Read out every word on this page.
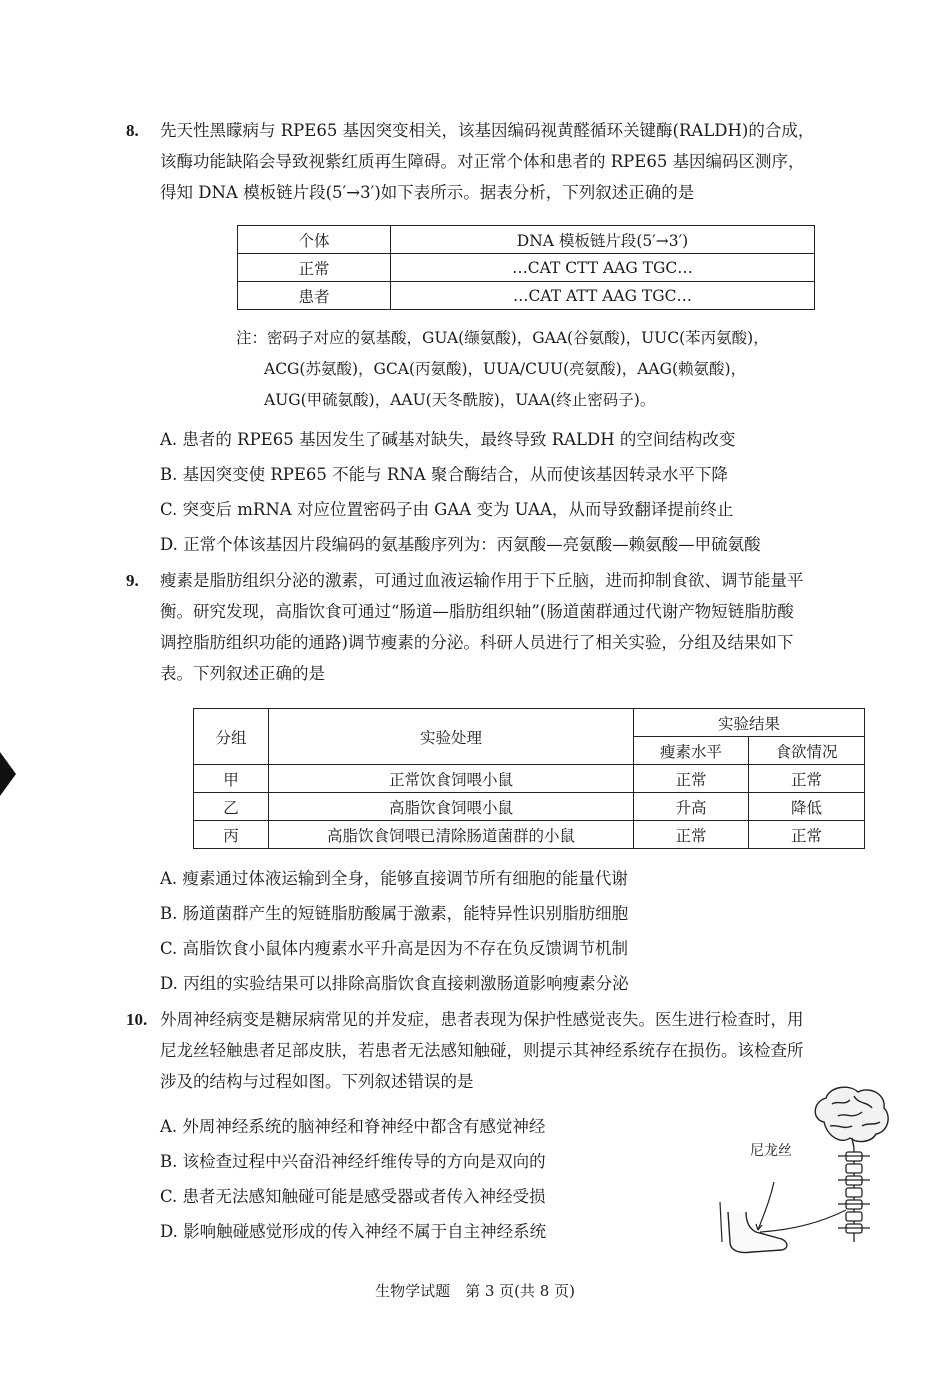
8. 先天性黑矇病与 RPE65 基因突变相关，该基因编码视黄醛循环关键酶(RALDH)的合成，
该酶功能缺陷会导致视紫红质再生障碍。对正常个体和患者的 RPE65 基因编码区测序，
得知 DNA 模板链片段(5′→3′)如下表所示。据表分析，下列叙述正确的是
个体	DNA 模板链片段(5′→3′)
正常	…CAT CTT AAG TGC…
患者	…CAT ATT AAG TGC…
注：密码子对应的氨基酸，GUA(缬氨酸)，GAA(谷氨酸)，UUC(苯丙氨酸)，
ACG(苏氨酸)，GCA(丙氨酸)，UUA/CUU(亮氨酸)，AAG(赖氨酸)，
AUG(甲硫氨酸)，AAU(天冬酰胺)，UAA(终止密码子)。
A. 患者的 RPE65 基因发生了碱基对缺失，最终导致 RALDH 的空间结构改变
B. 基因突变使 RPE65 不能与 RNA 聚合酶结合，从而使该基因转录水平下降
C. 突变后 mRNA 对应位置密码子由 GAA 变为 UAA，从而导致翻译提前终止
D. 正常个体该基因片段编码的氨基酸序列为：丙氨酸—亮氨酸—赖氨酸—甲硫氨酸
9. 瘦素是脂肪组织分泌的激素，可通过血液运输作用于下丘脑，进而抑制食欲、调节能量平
衡。研究发现，高脂饮食可通过“肠道—脂肪组织轴”(肠道菌群通过代谢产物短链脂肪酸
调控脂肪组织功能的通路)调节瘦素的分泌。科研人员进行了相关实验，分组及结果如下
表。下列叙述正确的是
分组	实验处理	实验结果	
		瘦素水平	食欲情况
甲	正常饮食饲喂小鼠	正常	正常
乙	高脂饮食饲喂小鼠	升高	降低
丙	高脂饮食饲喂已清除肠道菌群的小鼠	正常	正常
A. 瘦素通过体液运输到全身，能够直接调节所有细胞的能量代谢
B. 肠道菌群产生的短链脂肪酸属于激素，能特异性识别脂肪细胞
C. 高脂饮食小鼠体内瘦素水平升高是因为不存在负反馈调节机制
D. 丙组的实验结果可以排除高脂饮食直接刺激肠道影响瘦素分泌
10. 外周神经病变是糖尿病常见的并发症，患者表现为保护性感觉丧失。医生进行检查时，用
尼龙丝轻触患者足部皮肤，若患者无法感知触碰，则提示其神经系统存在损伤。该检查所
涉及的结构与过程如图。下列叙述错误的是
A. 外周神经系统的脑神经和脊神经中都含有感觉神经
B. 该检查过程中兴奋沿神经纤维传导的方向是双向的
C. 患者无法感知触碰可能是感受器或者传入神经受损
D. 影响触碰感觉形成的传入神经不属于自主神经系统
尼龙丝
生物学试题　第 3 页(共 8 页)
